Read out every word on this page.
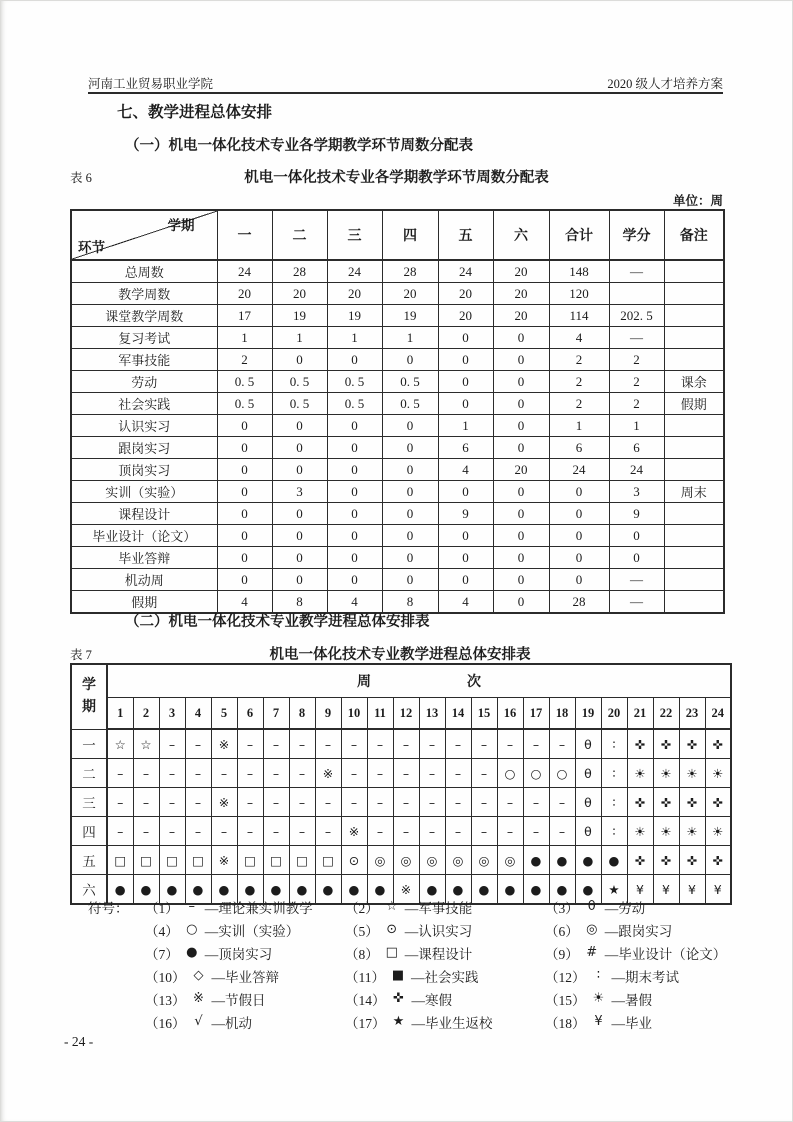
河南工业贸易职业学院	2020 级人才培养方案
七、教学进程总体安排
（一）机电一体化技术专业各学期教学环节周数分配表
表 6	机电一体化技术专业各学期教学环节周数分配表
单位：周
学期
环节	一	二	三	四	五	六	合计	学分	备注
总周数	24	28	24	28	24	20	148	—	
教学周数	20	20	20	20	20	20	120		
课堂教学周数	17	19	19	19	20	20	114	202. 5	
复习考试	1	1	1	1	0	0	4	—	
军事技能	2	0	0	0	0	0	2	2	
劳动	0. 5	0. 5	0. 5	0. 5	0	0	2	2	课余
社会实践	0. 5	0. 5	0. 5	0. 5	0	0	2	2	假期
认识实习	0	0	0	0	1	0	1	1	
跟岗实习	0	0	0	0	6	0	6	6	
顶岗实习	0	0	0	0	4	20	24	24	
实训（实验）	0	3	0	0	0	0	0	3	周末
课程设计	0	0	0	0	9	0	0	9	
毕业设计（论文）	0	0	0	0	0	0	0	0	
毕业答辩	0	0	0	0	0	0	0	0	
机动周	0	0	0	0	0	0	0	—	
假期	4	8	4	8	4	0	28	—	
（二）机电一体化技术专业教学进程总体安排表
表 7	机电一体化技术专业教学进程总体安排表
学期	周 次																							
	1	2	3	4	5	6	7	8	9	10	11	12	13	14	15	16	17	18	19	20	21	22	23	24
一	☆	☆	–	–	※	–	–	–	–	–	–	–	–	–	–	–	–	–	θ	∶	✜	✜	✜	✜
二	–	–	–	–	–	–	–	–	※	–	–	–	–	–	–	○	○	○	θ	∶	☀	☀	☀	☀
三	–	–	–	–	※	–	–	–	–	–	–	–	–	–	–	–	–	–	θ	∶	✜	✜	✜	✜
四	–	–	–	–	–	–	–	–	–	※	–	–	–	–	–	–	–	–	θ	∶	☀	☀	☀	☀
五	□	□	□	□	※	□	□	□	□	⊙	◎	◎	◎	◎	◎	◎	●	●	●	●	✜	✜	✜	✜
六	●	●	●	●	●	●	●	●	●	●	●	※	●	●	●	●	●	●	●	★	¥	¥	¥	¥
符号：	（1） – —理论兼实训教学 （2） ☆ —军事技能	（3） θ —劳动
（4） ○ —实训（实验）	（5） ⊙ —认识实习	（6） ◎ —跟岗实习
（7） ● —顶岗实习	（8） □ —课程设计	（9） # —毕业设计（论文）
（10） ◇ —毕业答辩	（11） ■ —社会实践	（12） ∶ —期末考试
（13） ※ —节假日	（14） ✜ —寒假	（15） ☀ —暑假
（16） √ —机动	（17） ★ —毕业生返校	（18） ¥ —毕业
- 24 -
